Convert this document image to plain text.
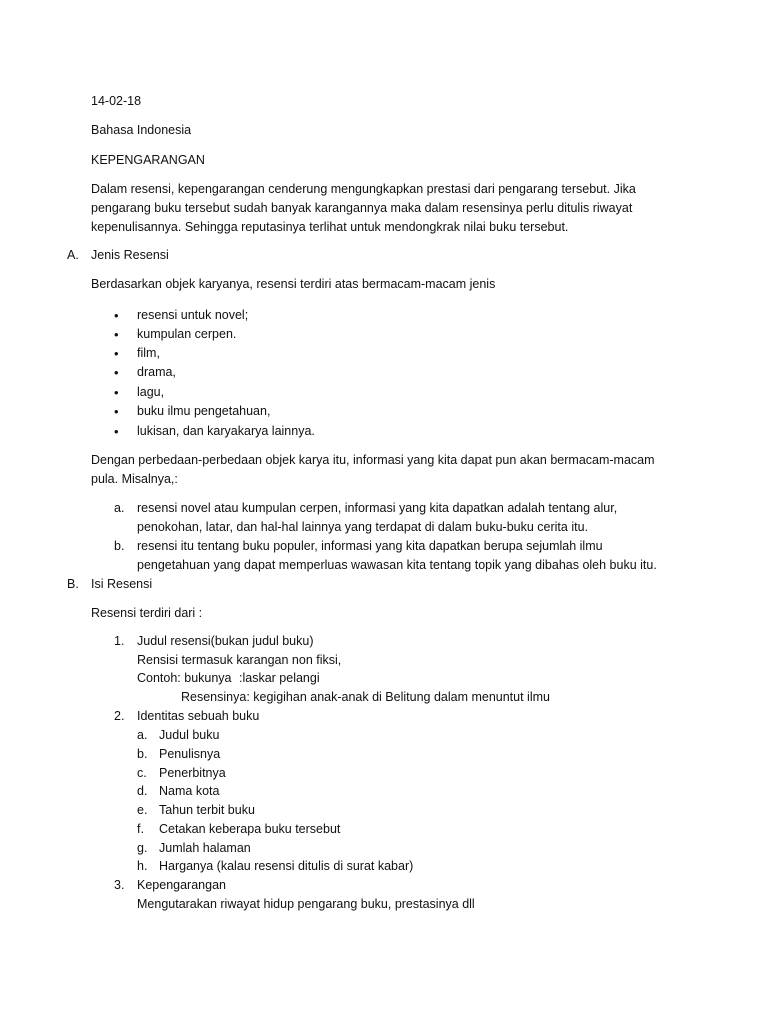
14-02-18
Bahasa Indonesia
KEPENGARANGAN
Dalam resensi, kepengarangan cenderung mengungkapkan prestasi dari pengarang tersebut. Jika
pengarang buku tersebut sudah banyak karangannya maka dalam resensinya perlu ditulis riwayat
kepenulisannya. Sehingga reputasinya terlihat untuk mendongkrak nilai buku tersebut.
A. Jenis Resensi
Berdasarkan objek karyanya, resensi terdiri atas bermacam-macam jenis
• resensi untuk novel;
• kumpulan cerpen.
• film,
• drama,
• lagu,
• buku ilmu pengetahuan,
• lukisan, dan karyakarya lainnya.
Dengan perbedaan-perbedaan objek karya itu, informasi yang kita dapat pun akan bermacam-macam
pula. Misalnya,:
a. resensi novel atau kumpulan cerpen, informasi yang kita dapatkan adalah tentang alur,
penokohan, latar, dan hal-hal lainnya yang terdapat di dalam buku-buku cerita itu.
b. resensi itu tentang buku populer, informasi yang kita dapatkan berupa sejumlah ilmu
pengetahuan yang dapat memperluas wawasan kita tentang topik yang dibahas oleh buku itu.
B. Isi Resensi
Resensi terdiri dari :
1. Judul resensi(bukan judul buku)
Rensisi termasuk karangan non fiksi,
Contoh: bukunya :laskar pelangi
Resensinya: kegigihan anak-anak di Belitung dalam menuntut ilmu
2. Identitas sebuah buku
a. Judul buku
b. Penulisnya
c. Penerbitnya
d. Nama kota
e. Tahun terbit buku
f. Cetakan keberapa buku tersebut
g. Jumlah halaman
h. Harganya (kalau resensi ditulis di surat kabar)
3. Kepengarangan
Mengutarakan riwayat hidup pengarang buku, prestasinya dll
